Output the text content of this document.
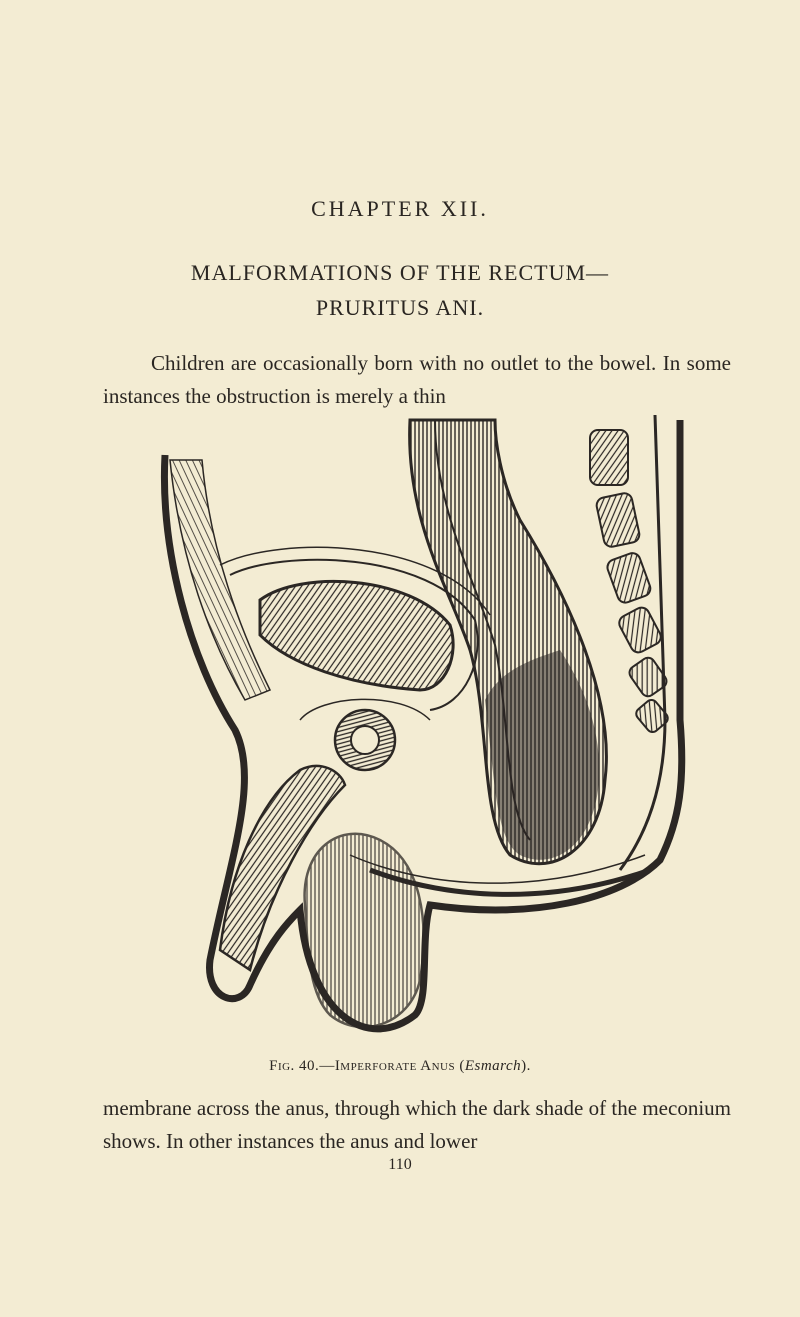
CHAPTER XII.
MALFORMATIONS OF THE RECTUM—
PRURITUS ANI.
Children are occasionally born with no outlet to the bowel. In some instances the obstruction is merely a thin
Fig. 40.—Imperforate Anus (Esmarch).
membrane across the anus, through which the dark shade of the meconium shows. In other instances the anus and lower
110
